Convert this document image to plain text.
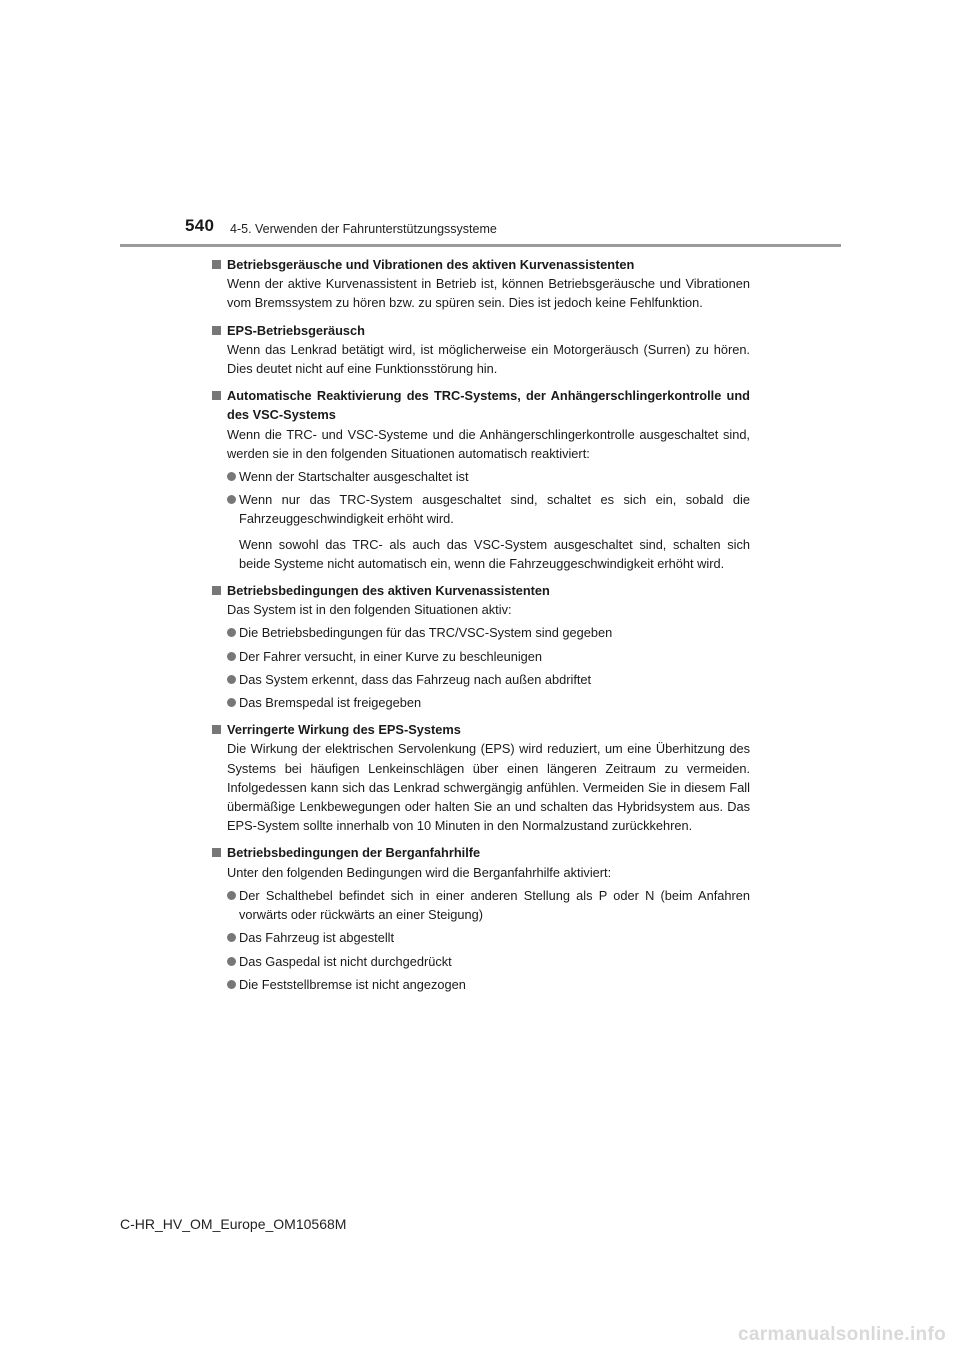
540 4-5. Verwenden der Fahrunterstützungssysteme
Betriebsgeräusche und Vibrationen des aktiven Kurvenassistenten
Wenn der aktive Kurvenassistent in Betrieb ist, können Betriebsgeräusche und Vibrationen vom Bremssystem zu hören bzw. zu spüren sein. Dies ist jedoch keine Fehlfunktion.
EPS-Betriebsgeräusch
Wenn das Lenkrad betätigt wird, ist möglicherweise ein Motorgeräusch (Surren) zu hören. Dies deutet nicht auf eine Funktionsstörung hin.
Automatische Reaktivierung des TRC-Systems, der Anhängerschlingerkontrolle und des VSC-Systems
Wenn die TRC- und VSC-Systeme und die Anhängerschlingerkontrolle ausgeschaltet sind, werden sie in den folgenden Situationen automatisch reaktiviert:
Wenn der Startschalter ausgeschaltet ist
Wenn nur das TRC-System ausgeschaltet sind, schaltet es sich ein, sobald die Fahrzeuggeschwindigkeit erhöht wird.
Wenn sowohl das TRC- als auch das VSC-System ausgeschaltet sind, schalten sich beide Systeme nicht automatisch ein, wenn die Fahrzeuggeschwindigkeit erhöht wird.
Betriebsbedingungen des aktiven Kurvenassistenten
Das System ist in den folgenden Situationen aktiv:
Die Betriebsbedingungen für das TRC/VSC-System sind gegeben
Der Fahrer versucht, in einer Kurve zu beschleunigen
Das System erkennt, dass das Fahrzeug nach außen abdriftet
Das Bremspedal ist freigegeben
Verringerte Wirkung des EPS-Systems
Die Wirkung der elektrischen Servolenkung (EPS) wird reduziert, um eine Überhitzung des Systems bei häufigen Lenkeinschlägen über einen längeren Zeitraum zu vermeiden. Infolgedessen kann sich das Lenkrad schwergängig anfühlen. Vermeiden Sie in diesem Fall übermäßige Lenkbewegungen oder halten Sie an und schalten das Hybridsystem aus. Das EPS-System sollte innerhalb von 10 Minuten in den Normalzustand zurückkehren.
Betriebsbedingungen der Berganfahrhilfe
Unter den folgenden Bedingungen wird die Berganfahrhilfe aktiviert:
Der Schalthebel befindet sich in einer anderen Stellung als P oder N (beim Anfahren vorwärts oder rückwärts an einer Steigung)
Das Fahrzeug ist abgestellt
Das Gaspedal ist nicht durchgedrückt
Die Feststellbremse ist nicht angezogen
C-HR_HV_OM_Europe_OM10568M
carmanualsonline.info
